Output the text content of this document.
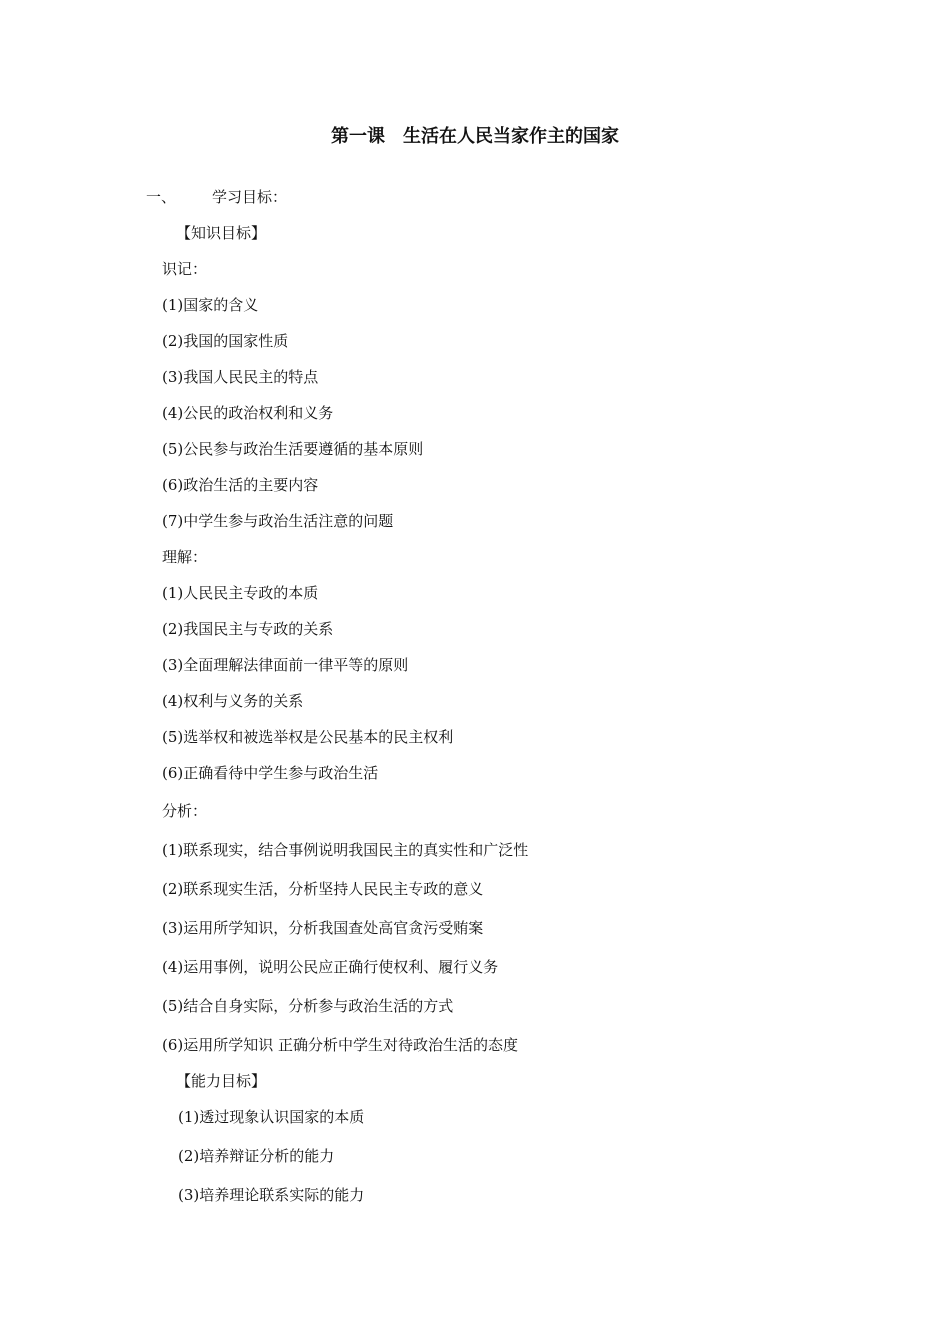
第一课　生活在人民当家作主的国家
一、 学习目标：
【知识目标】
识记：
(1)国家的含义
(2)我国的国家性质
(3)我国人民民主的特点
(4)公民的政治权利和义务
(5)公民参与政治生活要遵循的基本原则
(6)政治生活的主要内容
(7)中学生参与政治生活注意的问题
理解：
(1)人民民主专政的本质
(2)我国民主与专政的关系
(3)全面理解法律面前一律平等的原则
(4)权利与义务的关系
(5)选举权和被选举权是公民基本的民主权利
(6)正确看待中学生参与政治生活
分析：
(1)联系现实，结合事例说明我国民主的真实性和广泛性
(2)联系现实生活，分析坚持人民民主专政的意义
(3)运用所学知识，分析我国查处高官贪污受贿案
(4)运用事例，说明公民应正确行使权利、履行义务
(5)结合自身实际，分析参与政治生活的方式
(6)运用所学知识 正确分析中学生对待政治生活的态度
【能力目标】
(1)透过现象认识国家的本质
(2)培养辩证分析的能力
(3)培养理论联系实际的能力
